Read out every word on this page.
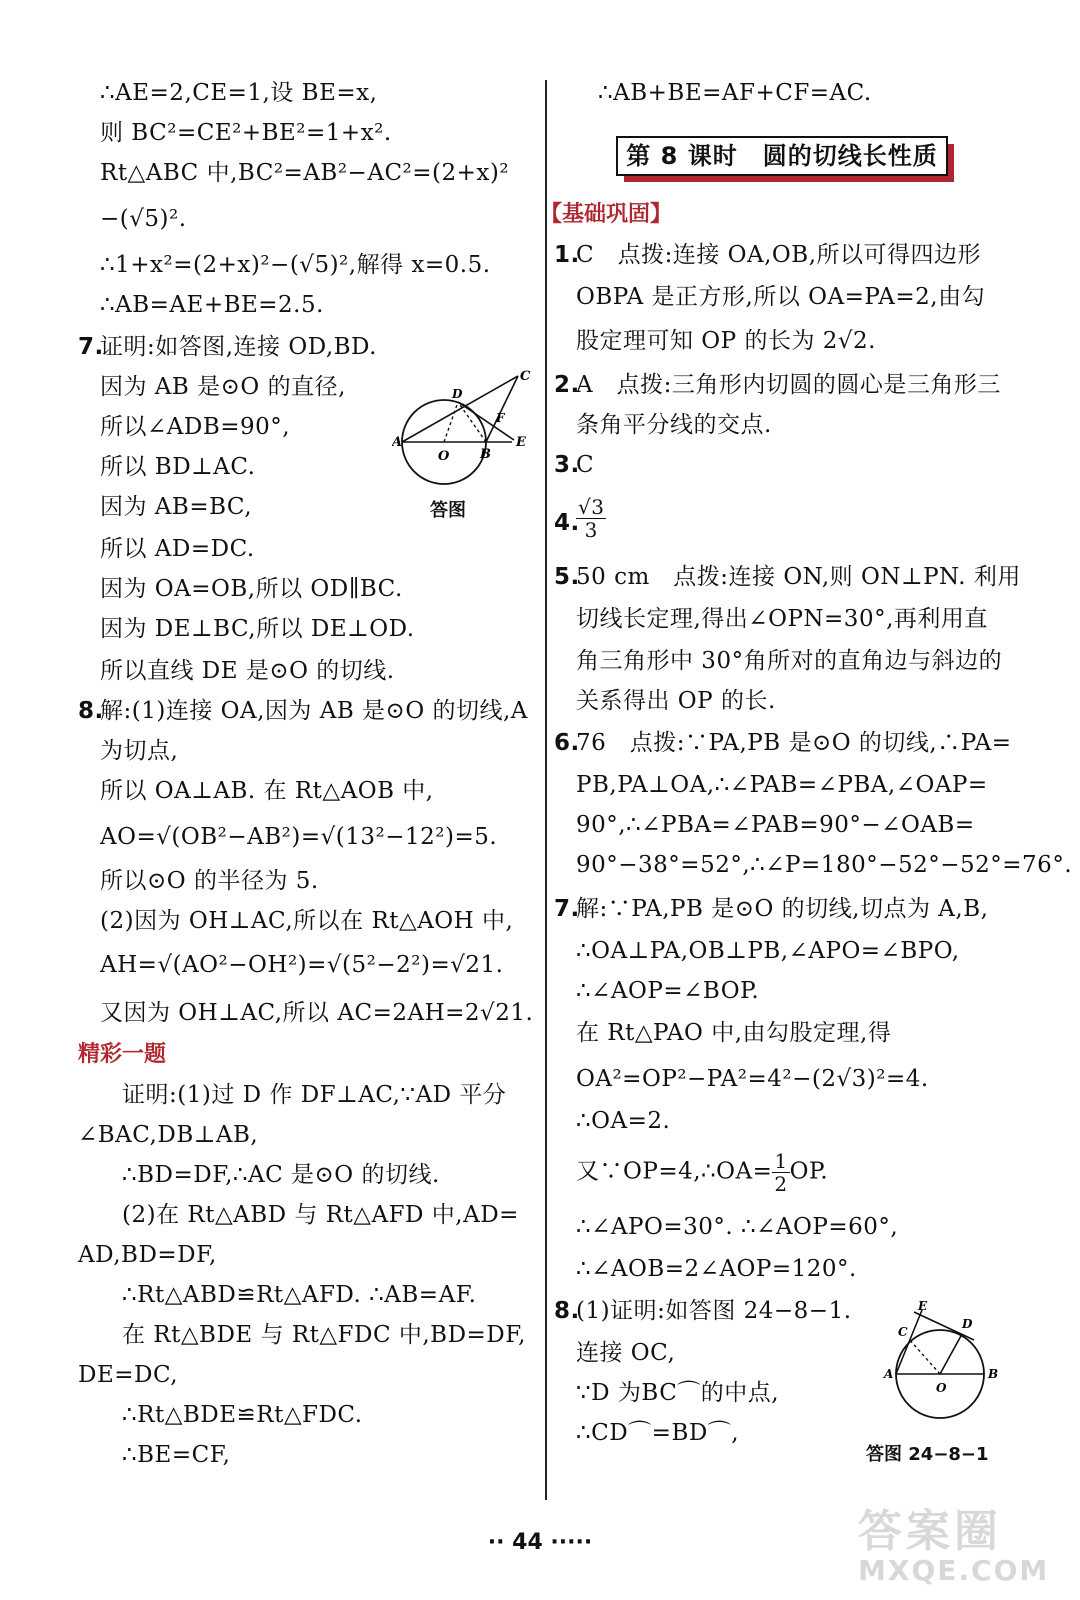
∴AE=2,CE=1,设 BE=x,
则 BC²=CE²+BE²=1+x².
Rt△ABC 中,BC²=AB²−AC²=(2+x)²
−(√5)².
∴1+x²=(2+x)²−(√5)²,解得 x=0.5.
∴AB=AE+BE=2.5.
7.
证明:如答图,连接 OD,BD.
因为 AB 是⊙O 的直径,
所以∠ADB=90°,
所以 BD⊥AC.
因为 AB=BC,
所以 AD=DC.
因为 OA=OB,所以 OD∥BC.
因为 DE⊥BC,所以 DE⊥OD.
所以直线 DE 是⊙O 的切线.
A
O B
E
F
C
D
答图
8.
解:(1)连接 OA,因为 AB 是⊙O 的切线,A
为切点,
所以 OA⊥AB. 在 Rt△AOB 中,
AO=√(OB²−AB²)=√(13²−12²)=5.
所以⊙O 的半径为 5.
(2)因为 OH⊥AC,所以在 Rt△AOH 中,
AH=√(AO²−OH²)=√(5²−2²)=√21.
又因为 OH⊥AC,所以 AC=2AH=2√21.
精彩一题
证明:(1)过 D 作 DF⊥AC,∵AD 平分
∠BAC,DB⊥AB,
∴BD=DF,∴AC 是⊙O 的切线.
(2)在 Rt△ABD 与 Rt△AFD 中,AD=
AD,BD=DF,
∴Rt△ABD≌Rt△AFD. ∴AB=AF.
在 Rt△BDE 与 Rt△FDC 中,BD=DF,
DE=DC,
∴Rt△BDE≌Rt△FDC.
∴BE=CF,
∴AB+BE=AF+CF=AC.
第 8 课时　圆的切线长性质
【基础巩固】
1.
C　点拨:连接 OA,OB,所以可得四边形
OBPA 是正方形,所以 OA=PA=2,由勾
股定理可知 OP 的长为 2√2.
2.
A　点拨:三角形内切圆的圆心是三角形三
条角平分线的交点.
3.
C
4.
$\frac{√3}{3}$
5.
50 cm　点拨:连接 ON,则 ON⊥PN. 利用
切线长定理,得出∠OPN=30°,再利用直
角三角形中 30°角所对的直角边与斜边的
关系得出 OP 的长.
6.
76　点拨:∵PA,PB 是⊙O 的切线,∴PA=
PB,PA⊥OA,∴∠PAB=∠PBA,∠OAP=
90°,∴∠PBA=∠PAB=90°−∠OAB=
90°−38°=52°,∴∠P=180°−52°−52°=76°.
7.
解:∵PA,PB 是⊙O 的切线,切点为 A,B,
∴OA⊥PA,OB⊥PB,∠APO=∠BPO,
∴∠AOP=∠BOP.
在 Rt△PAO 中,由勾股定理,得
OA²=OP²−PA²=4²−(2√3)²=4.
∴OA=2.
又∵OP=4,∴OA= $\frac{1}{2}$ OP.
∴∠APO=30°. ∴∠AOP=60°,
∴∠AOB=2∠AOP=120°.
8.
(1)证明:如答图 24−8−1.
连接 OC,
∵D 为BC⌒的中点,
∴CD⌒=BD⌒,
E
C
D
A
O
B
答图 24−8−1
·· 44 ·····	答案圈
MXQE.COM
